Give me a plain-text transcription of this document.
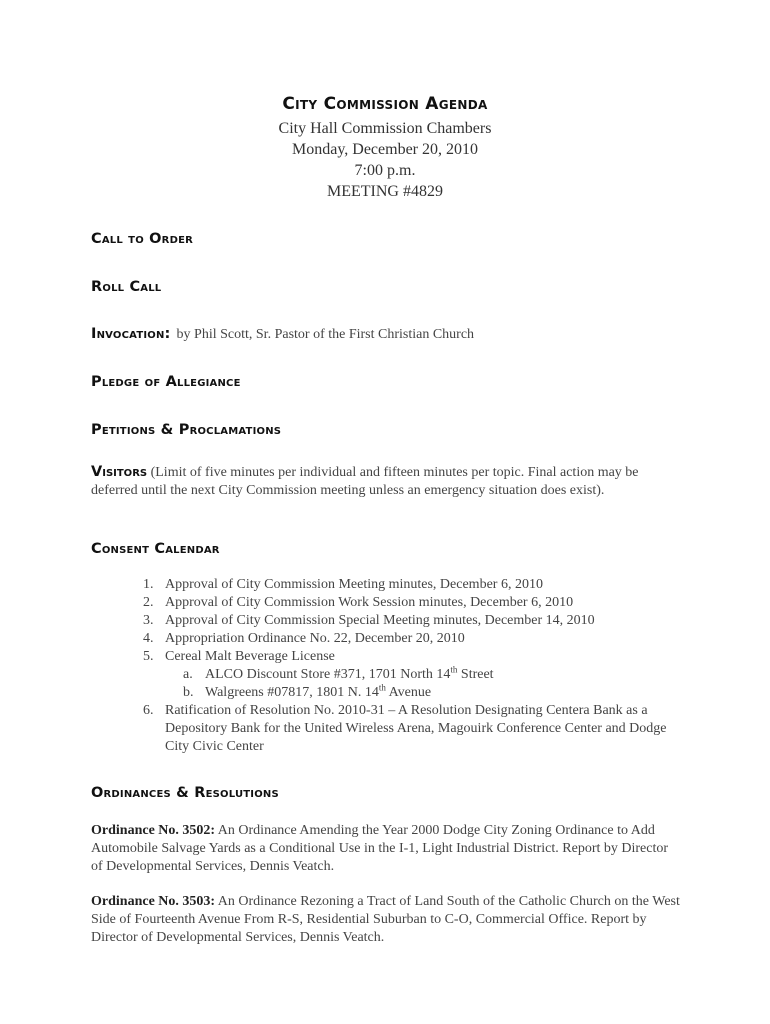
City Commission Agenda
City Hall Commission Chambers
Monday, December 20, 2010
7:00 p.m.
MEETING #4829
Call to Order
Roll Call
Invocation: by Phil Scott, Sr. Pastor of the First Christian Church
Pledge of Allegiance
Petitions & Proclamations
Visitors (Limit of five minutes per individual and fifteen minutes per topic. Final action may be deferred until the next City Commission meeting unless an emergency situation does exist).
Consent Calendar
1. Approval of City Commission Meeting minutes, December 6, 2010
2. Approval of City Commission Work Session minutes, December 6, 2010
3. Approval of City Commission Special Meeting minutes, December 14, 2010
4. Appropriation Ordinance No. 22, December 20, 2010
5. Cereal Malt Beverage License
a. ALCO Discount Store #371, 1701 North 14th Street
b. Walgreens #07817, 1801 N. 14th Avenue
6. Ratification of Resolution No. 2010-31 – A Resolution Designating Centera Bank as a Depository Bank for the United Wireless Arena, Magouirk Conference Center and Dodge City Civic Center
Ordinances & Resolutions
Ordinance No. 3502: An Ordinance Amending the Year 2000 Dodge City Zoning Ordinance to Add Automobile Salvage Yards as a Conditional Use in the I-1, Light Industrial District. Report by Director of Developmental Services, Dennis Veatch.
Ordinance No. 3503: An Ordinance Rezoning a Tract of Land South of the Catholic Church on the West Side of Fourteenth Avenue From R-S, Residential Suburban to C-O, Commercial Office. Report by Director of Developmental Services, Dennis Veatch.
